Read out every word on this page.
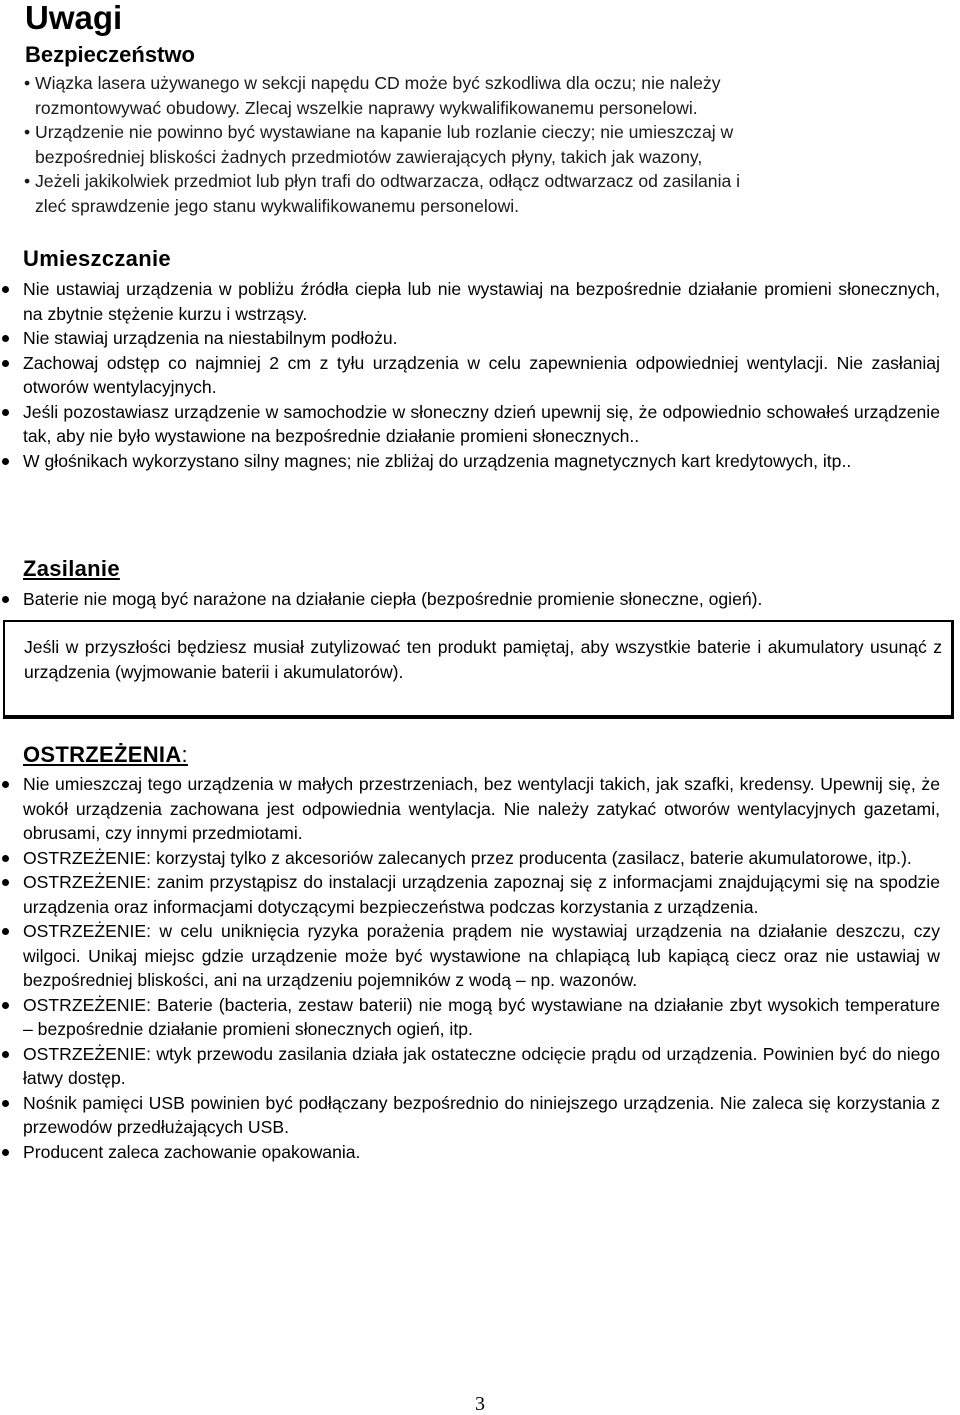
Uwagi
Bezpieczeństwo
• Wiązka lasera używanego w sekcji napędu CD może być szkodliwa dla oczu; nie należy
rozmontowywać obudowy. Zlecaj wszelkie naprawy wykwalifikowanemu personelowi.
• Urządzenie nie powinno być wystawiane na kapanie lub rozlanie cieczy; nie umieszczaj w
bezpośredniej bliskości żadnych przedmiotów zawierających płyny, takich jak wazony,
• Jeżeli jakikolwiek przedmiot lub płyn trafi do odtwarzacza, odłącz odtwarzacz od zasilania i
zleć sprawdzenie jego stanu wykwalifikowanemu personelowi.
Umieszczanie
Nie ustawiaj urządzenia w pobliżu źródła ciepła lub nie wystawiaj na bezpośrednie działanie promieni słonecznych, na zbytnie stężenie kurzu i wstrząsy.
Nie stawiaj urządzenia na niestabilnym podłożu.
Zachowaj odstęp co najmniej 2 cm z tyłu urządzenia w celu zapewnienia odpowiedniej wentylacji. Nie zasłaniaj otworów wentylacyjnych.
Jeśli pozostawiasz urządzenie w samochodzie w słoneczny dzień upewnij się, że odpowiednio schowałeś urządzenie tak, aby nie było wystawione na bezpośrednie działanie promieni słonecznych..
W głośnikach wykorzystano silny magnes; nie zbliżaj do urządzenia magnetycznych kart kredytowych, itp..
Zasilanie
Baterie nie mogą być narażone na działanie ciepła (bezpośrednie promienie słoneczne, ogień).

Jeśli w przyszłości będziesz musiał zutylizować ten produkt pamiętaj, aby wszystkie baterie i akumulatory usunąć z urządzenia (wyjmowanie baterii i akumulatorów).

OSTRZEŻENIA:
Nie umieszczaj tego urządzenia w małych przestrzeniach, bez wentylacji takich, jak szafki, kredensy. Upewnij się, że wokół urządzenia zachowana jest odpowiednia wentylacja. Nie należy zatykać otworów wentylacyjnych gazetami, obrusami, czy innymi przedmiotami.
OSTRZEŻENIE: korzystaj tylko z akcesoriów zalecanych przez producenta (zasilacz, baterie akumulatorowe, itp.).
OSTRZEŻENIE: zanim przystąpisz do instalacji urządzenia zapoznaj się z informacjami znajdującymi się na spodzie urządzenia oraz informacjami dotyczącymi bezpieczeństwa podczas korzystania z urządzenia.
OSTRZEŻENIE: w celu uniknięcia ryzyka porażenia prądem nie wystawiaj urządzenia na działanie deszczu, czy wilgoci. Unikaj miejsc gdzie urządzenie może być wystawione na chlapiącą lub kapiącą ciecz oraz nie ustawiaj w bezpośredniej bliskości, ani na urządzeniu pojemników z wodą – np. wazonów.
OSTRZEŻENIE: Baterie (bacteria, zestaw baterii) nie mogą być wystawiane na działanie zbyt wysokich temperature – bezpośrednie działanie promieni słonecznych ogień, itp.
OSTRZEŻENIE: wtyk przewodu zasilania działa jak ostateczne odcięcie prądu od urządzenia. Powinien być do niego łatwy dostęp.
Nośnik pamięci USB powinien być podłączany bezpośrednio do niniejszego urządzenia. Nie zaleca się korzystania z przewodów przedłużających USB.
Producent zaleca zachowanie opakowania.
3
